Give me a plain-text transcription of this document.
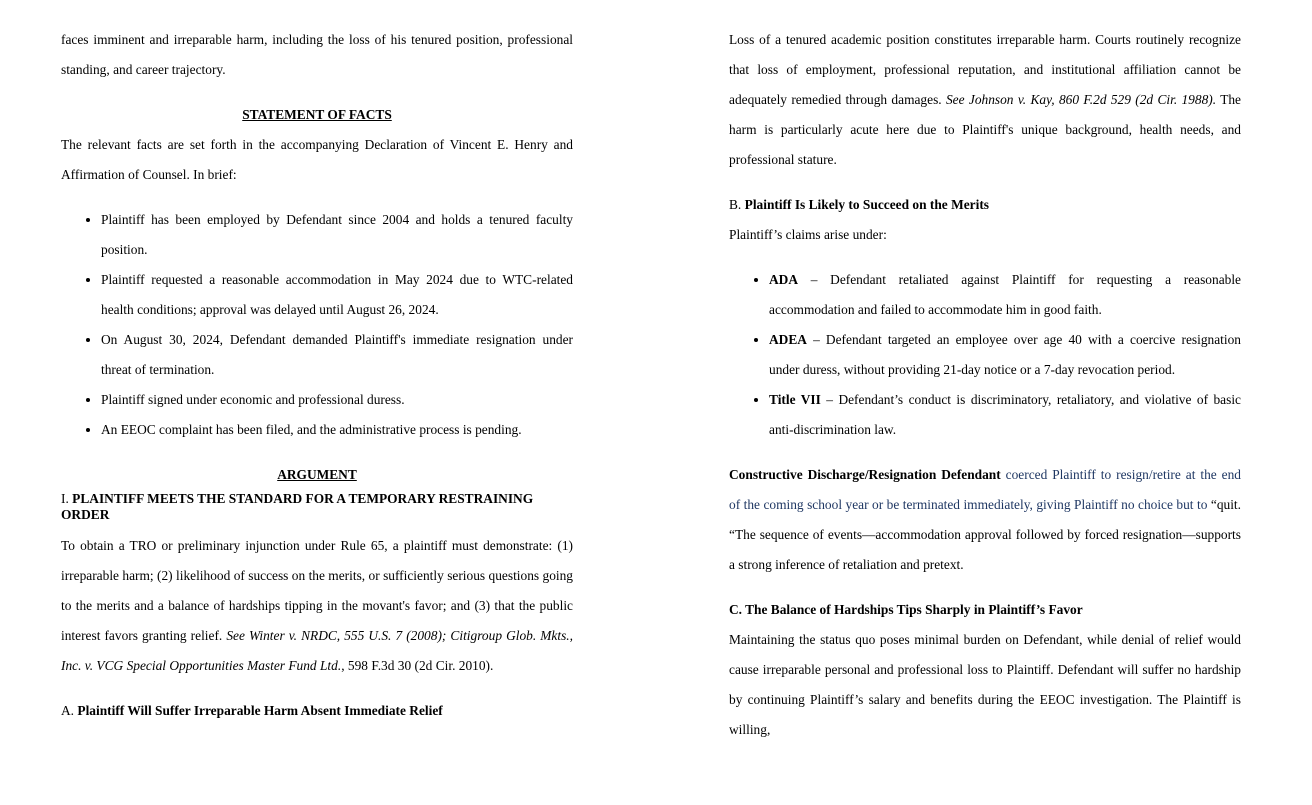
faces imminent and irreparable harm, including the loss of his tenured position, professional standing, and career trajectory.

STATEMENT OF FACTS

The relevant facts are set forth in the accompanying Declaration of Vincent E. Henry and Affirmation of Counsel. In brief:

• Plaintiff has been employed by Defendant since 2004 and holds a tenured faculty position.
• Plaintiff requested a reasonable accommodation in May 2024 due to WTC-related health conditions; approval was delayed until August 26, 2024.
• On August 30, 2024, Defendant demanded Plaintiff's immediate resignation under threat of termination.
• Plaintiff signed under economic and professional duress.
• An EEOC complaint has been filed, and the administrative process is pending.
ARGUMENT

I. PLAINTIFF MEETS THE STANDARD FOR A TEMPORARY RESTRAINING ORDER

To obtain a TRO or preliminary injunction under Rule 65, a plaintiff must demonstrate: (1) irreparable harm; (2) likelihood of success on the merits, or sufficiently serious questions going to the merits and a balance of hardships tipping in the movant's favor; and (3) that the public interest favors granting relief. See Winter v. NRDC, 555 U.S. 7 (2008); Citigroup Glob. Mkts., Inc. v. VCG Special Opportunities Master Fund Ltd., 598 F.3d 30 (2d Cir. 2010).

A. Plaintiff Will Suffer Irreparable Harm Absent Immediate Relief

Loss of a tenured academic position constitutes irreparable harm. Courts routinely recognize that loss of employment, professional reputation, and institutional affiliation cannot be adequately remedied through damages. See Johnson v. Kay, 860 F.2d 529 (2d Cir. 1988). The harm is particularly acute here due to Plaintiff's unique background, health needs, and professional stature.

B. Plaintiff Is Likely to Succeed on the Merits

Plaintiff’s claims arise under:

• ADA – Defendant retaliated against Plaintiff for requesting a reasonable accommodation and failed to accommodate him in good faith.
• ADEA – Defendant targeted an employee over age 40 with a coercive resignation under duress, without providing 21-day notice or a 7-day revocation period.
• Title VII – Defendant’s conduct is discriminatory, retaliatory, and violative of basic anti-discrimination law.

Constructive Discharge/Resignation Defendant coerced Plaintiff to resign/retire at the end of the coming school year or be terminated immediately, giving Plaintiff no choice but to “quit. “The sequence of events—accommodation approval followed by forced resignation—supports a strong inference of retaliation and pretext.

C. The Balance of Hardships Tips Sharply in Plaintiff’s Favor

Maintaining the status quo poses minimal burden on Defendant, while denial of relief would cause irreparable personal and professional loss to Plaintiff. Defendant will suffer no hardship by continuing Plaintiff’s salary and benefits during the EEOC investigation. The Plaintiff is willing,
